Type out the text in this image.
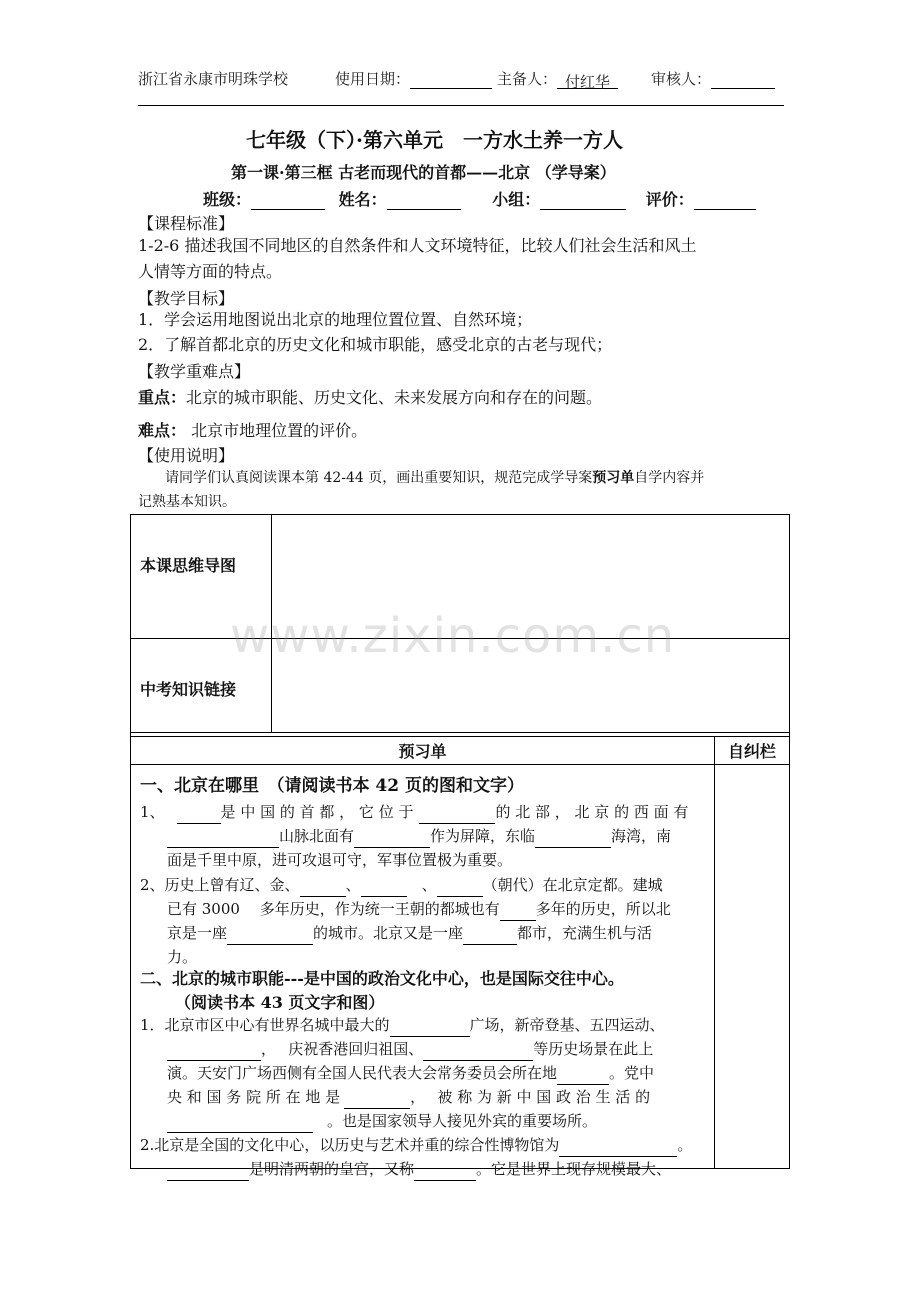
浙江省永康市明珠学校	使用日期：	主备人： 付红华	审核人：
七年级（下）·第六单元　一方水土养一方人
第一课·第三框 古老而现代的首都——北京 （学导案）
班级：	姓名：	小组：	评价：
【课程标准】
1-2-6 描述我国不同地区的自然条件和人文环境特征，比较人们社会生活和风土
人情等方面的特点。
【教学目标】
1．学会运用地图说出北京的地理位置位置、自然环境；
2．了解首都北京的历史文化和城市职能，感受北京的古老与现代；
【教学重难点】
重点：北京的城市职能、历史文化、未来发展方向和存在的问题。
难点： 北京市地理位置的评价。
【使用说明】
请同学们认真阅读课本第 42-44 页，画出重要知识，规范完成学导案预习单自学内容并
记熟基本知识。
本课思维导图		

中考知识链接		

预习单		自纠栏

一、北京在哪里　（请阅读书本 42 页的图和文字）
1、	是 中 国 的 首 都 ， 它 位 于	的 北 部 ， 北 京 的 西 面 有
山脉北面有	作为屏障，东临	海湾，南
面是千里中原，进可攻退可守，军事位置极为重要。
2、历史上曾有辽、金、	、	　、	（朝代）在北京定都。建城
已有 3000　 多年历史，作为统一王朝的都城也有 多年的历史，所以北
京是一座	的城市。北京又是一座	都市，充满生机与活
力。
二、北京的城市职能---是中国的政治文化中心，也是国际交往中心。
（阅读书本 43 页文字和图）
1．北京市区中心有世界名城中最大的	广场，新帝登基、五四运动、
，　 庆祝香港回归祖国、	等历史场景在此上
演。天安门广场西侧有全国人民代表大会常务委员会所在地	。党中
央 和 国 务 院 所 在 地 是	，　 被 称 为 新 中 国 政 治 生 活 的
。也是国家领导人接见外宾的重要场所。
2.北京是全国的文化中心，以历史与艺术并重的综合性博物馆为	。
是明清两朝的皇宫，又称	。它是世界上现存规模最大、
www.zixin.com.cn
